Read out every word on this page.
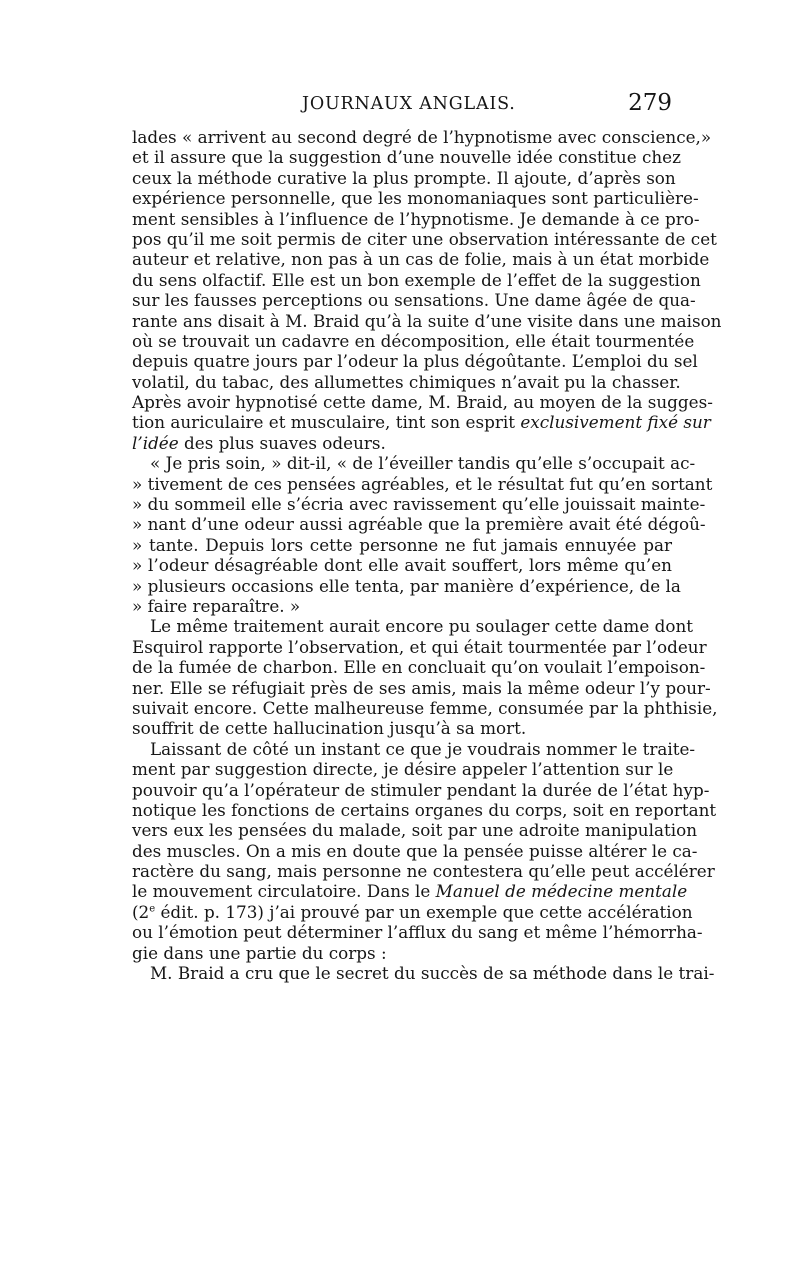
JOURNAUX ANGLAIS.	279
lades « arrivent au second degré de l’hypnotisme avec conscience,»
et il assure que la suggestion d’une nouvelle idée constitue chez
ceux la méthode curative la plus prompte. Il ajoute, d’après son
expérience personnelle, que les monomaniaques sont particulière-
ment sensibles à l’influence de l’hypnotisme. Je demande à ce pro-
pos qu’il me soit permis de citer une observation intéressante de cet
auteur et relative, non pas à un cas de folie, mais à un état morbide
du sens olfactif. Elle est un bon exemple de l’effet de la suggestion
sur les fausses perceptions ou sensations. Une dame âgée de qua-
rante ans disait à M. Braid qu’à la suite d’une visite dans une maison
où se trouvait un cadavre en décomposition, elle était tourmentée
depuis quatre jours par l’odeur la plus dégoûtante. L’emploi du sel
volatil, du tabac, des allumettes chimiques n’avait pu la chasser.
Après avoir hypnotisé cette dame, M. Braid, au moyen de la sugges-
tion auriculaire et musculaire, tint son esprit exclusivement fixé sur
l’idée des plus suaves odeurs.
« Je pris soin, » dit-il, « de l’éveiller tandis qu’elle s’occupait ac-
» tivement de ces pensées agréables, et le résultat fut qu’en sortant
» du sommeil elle s’écria avec ravissement qu’elle jouissait mainte-
» nant d’une odeur aussi agréable que la première avait été dégoû-
» tante. Depuis lors cette personne ne fut jamais ennuyée par
» l’odeur désagréable dont elle avait souffert, lors même qu’en
» plusieurs occasions elle tenta, par manière d’expérience, de la
» faire reparaître. »
Le même traitement aurait encore pu soulager cette dame dont
Esquirol rapporte l’observation, et qui était tourmentée par l’odeur
de la fumée de charbon. Elle en concluait qu’on voulait l’empoison-
ner. Elle se réfugiait près de ses amis, mais la même odeur l’y pour-
suivait encore. Cette malheureuse femme, consumée par la phthisie,
souffrit de cette hallucination jusqu’à sa mort.
Laissant de côté un instant ce que je voudrais nommer le traite-
ment par suggestion directe, je désire appeler l’attention sur le
pouvoir qu’a l’opérateur de stimuler pendant la durée de l’état hyp-
notique les fonctions de certains organes du corps, soit en reportant
vers eux les pensées du malade, soit par une adroite manipulation
des muscles. On a mis en doute que la pensée puisse altérer le ca-
ractère du sang, mais personne ne contestera qu’elle peut accélérer
le mouvement circulatoire. Dans le Manuel de médecine mentale
(2e édit. p. 173) j’ai prouvé par un exemple que cette accélération
ou l’émotion peut déterminer l’afflux du sang et même l’hémorrha-
gie dans une partie du corps :
M. Braid a cru que le secret du succès de sa méthode dans le trai-
